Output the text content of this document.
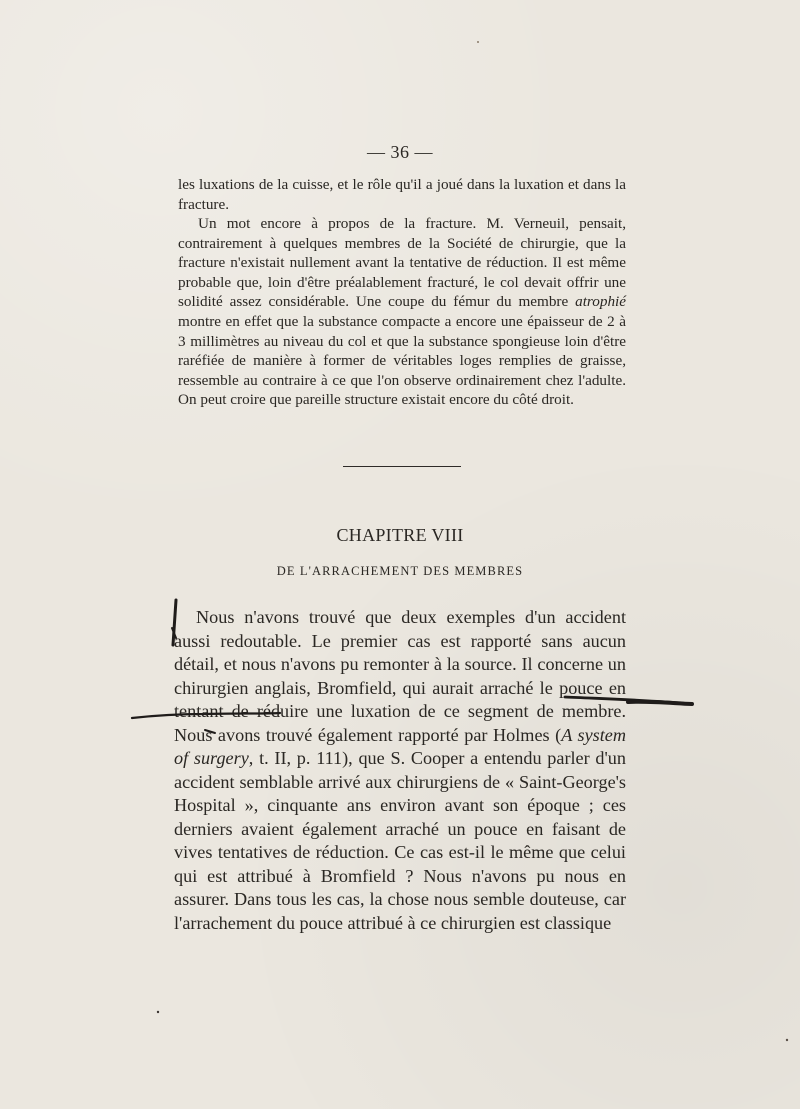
— 36 —

les luxations de la cuisse, et le rôle qu'il a joué dans la luxation et dans la fracture.

Un mot encore à propos de la fracture. M. Verneuil, pensait, contrairement à quelques membres de la Société de chirurgie, que la fracture n'existait nullement avant la tentative de réduction. Il est même probable que, loin d'être préalablement fracturé, le col devait offrir une solidité assez considérable. Une coupe du fémur du membre atrophié montre en effet que la substance compacte a encore une épaisseur de 2 à 3 millimètres au niveau du col et que la substance spongieuse loin d'être raréfiée de manière à former de véritables loges remplies de graisse, ressemble au contraire à ce que l'on observe ordinairement chez l'adulte. On peut croire que pareille structure existait encore du côté droit.

CHAPITRE VIII
DE L'ARRACHEMENT DES MEMBRES

Nous n'avons trouvé que deux exemples d'un accident aussi redoutable. Le premier cas est rapporté sans aucun détail, et nous n'avons pu remonter à la source. Il concerne un chirurgien anglais, Bromfield, qui aurait arraché le pouce en tentant de réduire une luxation de ce segment de membre. Nous avons trouvé également rapporté par Holmes (A system of surgery, t. II, p. 111), que S. Cooper a entendu parler d'un accident semblable arrivé aux chirurgiens de « Saint-George's Hospital », cinquante ans environ avant son époque ; ces derniers avaient également arraché un pouce en faisant de vives tentatives de réduction. Ce cas est-il le même que celui qui est attribué à Bromfield ? Nous n'avons pu nous en assurer. Dans tous les cas, la chose nous semble douteuse, car l'arrachement du pouce attribué à ce chirurgien est classique
